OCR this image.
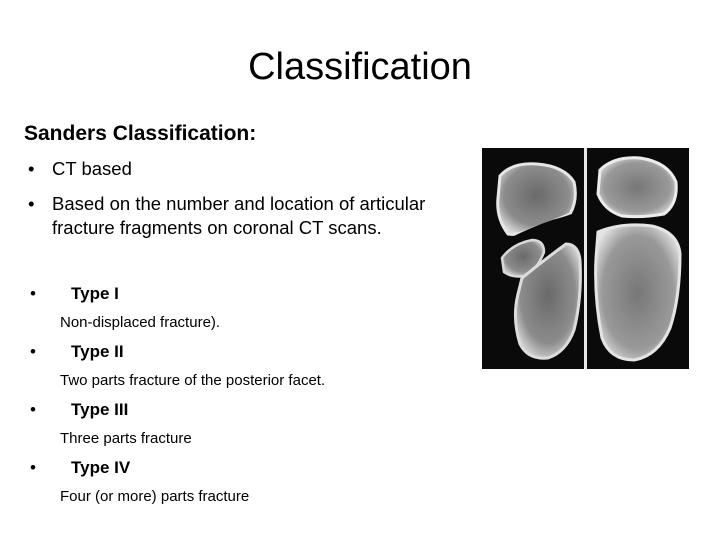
Classification
Sanders Classification:
• CT based
• Based on the number and location of articular fracture fragments on coronal CT scans.
• Type I
Non-displaced fracture).
• Type II
Two parts fracture of the posterior facet.
• Type III
Three parts fracture
• Type IV
Four (or more) parts fracture
